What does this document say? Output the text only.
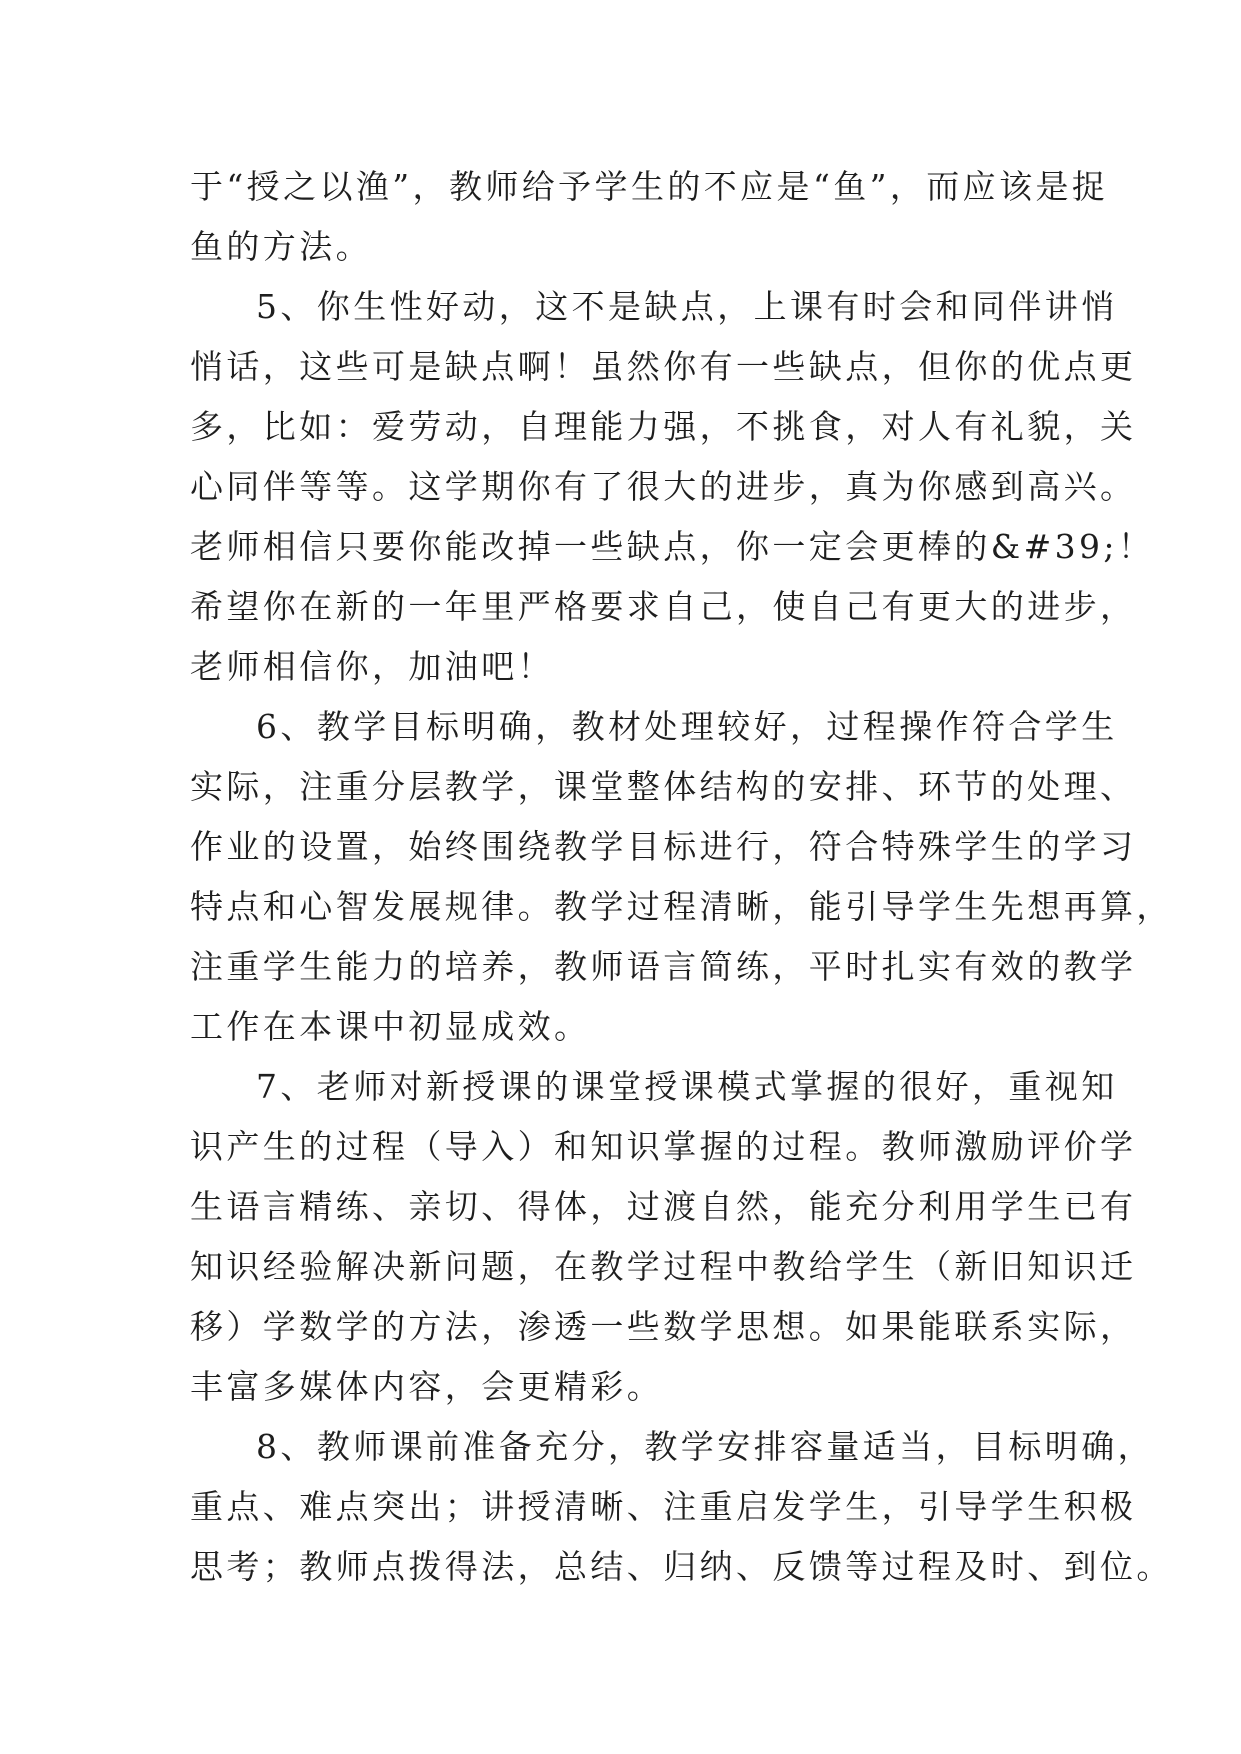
于“授之以渔”，教师给予学生的不应是“鱼”，而应该是捉
鱼的方法。

5、你生性好动，这不是缺点，上课有时会和同伴讲悄
悄话，这些可是缺点啊！虽然你有一些缺点，但你的优点更
多，比如：爱劳动，自理能力强，不挑食，对人有礼貌，关
心同伴等等。这学期你有了很大的进步，真为你感到高兴。
老师相信只要你能改掉一些缺点，你一定会更棒的&#39;！
希望你在新的一年里严格要求自己，使自己有更大的进步，
老师相信你，加油吧！

6、教学目标明确，教材处理较好，过程操作符合学生
实际，注重分层教学，课堂整体结构的安排、环节的处理、
作业的设置，始终围绕教学目标进行，符合特殊学生的学习
特点和心智发展规律。教学过程清晰，能引导学生先想再算，
注重学生能力的培养，教师语言简练，平时扎实有效的教学
工作在本课中初显成效。

7、老师对新授课的课堂授课模式掌握的很好，重视知
识产生的过程（导入）和知识掌握的过程。教师激励评价学
生语言精练、亲切、得体，过渡自然，能充分利用学生已有
知识经验解决新问题，在教学过程中教给学生（新旧知识迁
移）学数学的方法，渗透一些数学思想。如果能联系实际，
丰富多媒体内容，会更精彩。

8、教师课前准备充分，教学安排容量适当，目标明确，
重点、难点突出；讲授清晰、注重启发学生，引导学生积极
思考；教师点拨得法，总结、归纳、反馈等过程及时、到位。
